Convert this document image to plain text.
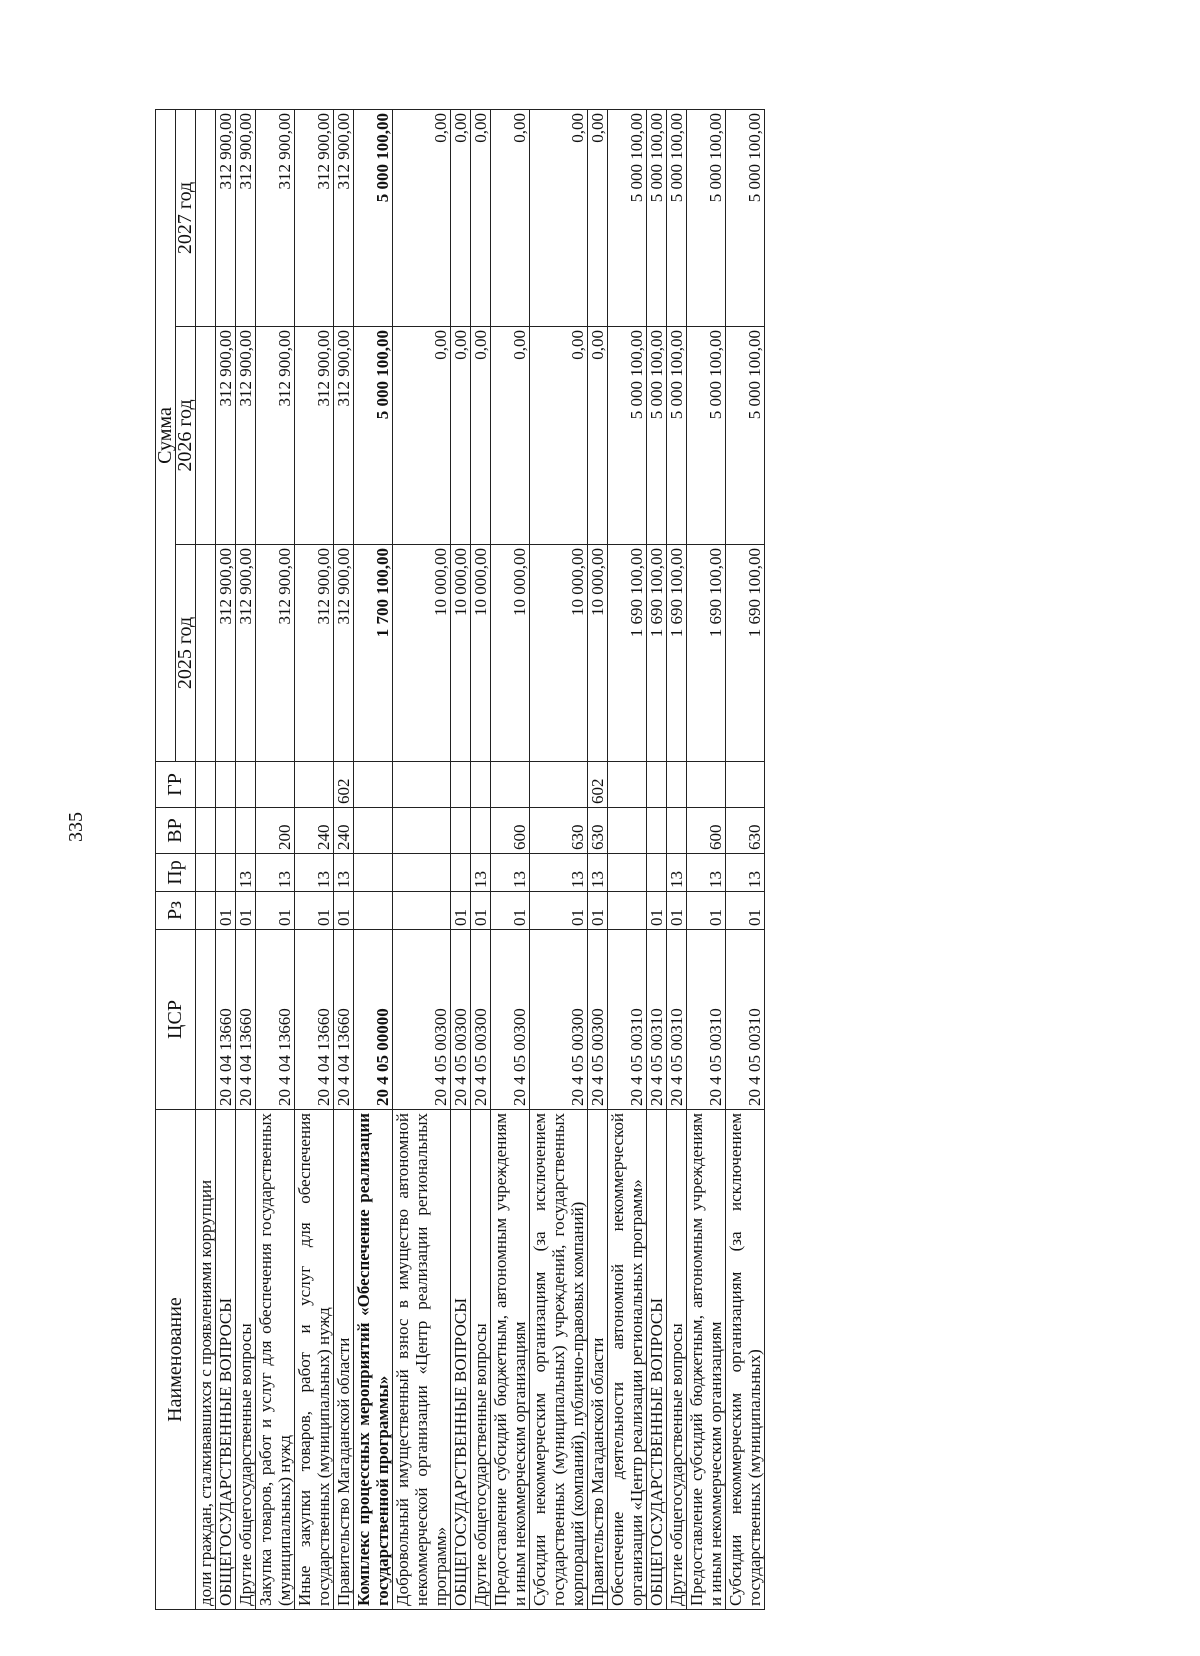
335
Наименование	ЦСР	Рз	Пр	ВР	ГР	Сумма		
						2025 год	2026 год	2027 год
доли граждан, сталкивавшихся с проявлениями коррупции								
ОБЩЕГОСУДАРСТВЕННЫЕ ВОПРОСЫ	20 4 04 13660	01				312 900,00	312 900,00	312 900,00
Другие общегосударственные вопросы	20 4 04 13660	01	13			312 900,00	312 900,00	312 900,00
Закупка товаров, работ и услуг для обеспечения государственных (муниципальных) нужд	20 4 04 13660	01	13	200		312 900,00	312 900,00	312 900,00
Иные закупки товаров, работ и услуг для обеспечения государственных (муниципальных) нужд	20 4 04 13660	01	13	240		312 900,00	312 900,00	312 900,00
Правительство Магаданской области	20 4 04 13660	01	13	240	602	312 900,00	312 900,00	312 900,00
Комплекс процессных мероприятий «Обеспечение реализации государственной программы»	20 4 05 00000					1 700 100,00	5 000 100,00	5 000 100,00
Добровольный имущественный взнос в имущество автономной некоммерческой организации «Центр реализации региональных программ»	20 4 05 00300					10 000,00	0,00	0,00
ОБЩЕГОСУДАРСТВЕННЫЕ ВОПРОСЫ	20 4 05 00300	01				10 000,00	0,00	0,00
Другие общегосударственные вопросы	20 4 05 00300	01	13			10 000,00	0,00	0,00
Предоставление субсидий бюджетным, автономным учреждениям и иным некоммерческим организациям	20 4 05 00300	01	13	600		10 000,00	0,00	0,00
Субсидии некоммерческим организациям (за исключением государственных (муниципальных) учреждений, государственных корпораций (компаний), публично-правовых компаний)	20 4 05 00300	01	13	630		10 000,00	0,00	0,00
Правительство Магаданской области	20 4 05 00300	01	13	630	602	10 000,00	0,00	0,00
Обеспечение деятельности автономной некоммерческой организации «Центр реализации региональных программ»	20 4 05 00310					1 690 100,00	5 000 100,00	5 000 100,00
ОБЩЕГОСУДАРСТВЕННЫЕ ВОПРОСЫ	20 4 05 00310	01				1 690 100,00	5 000 100,00	5 000 100,00
Другие общегосударственные вопросы	20 4 05 00310	01	13			1 690 100,00	5 000 100,00	5 000 100,00
Предоставление субсидий бюджетным, автономным учреждениям и иным некоммерческим организациям	20 4 05 00310	01	13	600		1 690 100,00	5 000 100,00	5 000 100,00
Субсидии некоммерческим организациям (за исключением государственных (муниципальных)	20 4 05 00310	01	13	630		1 690 100,00	5 000 100,00	5 000 100,00
